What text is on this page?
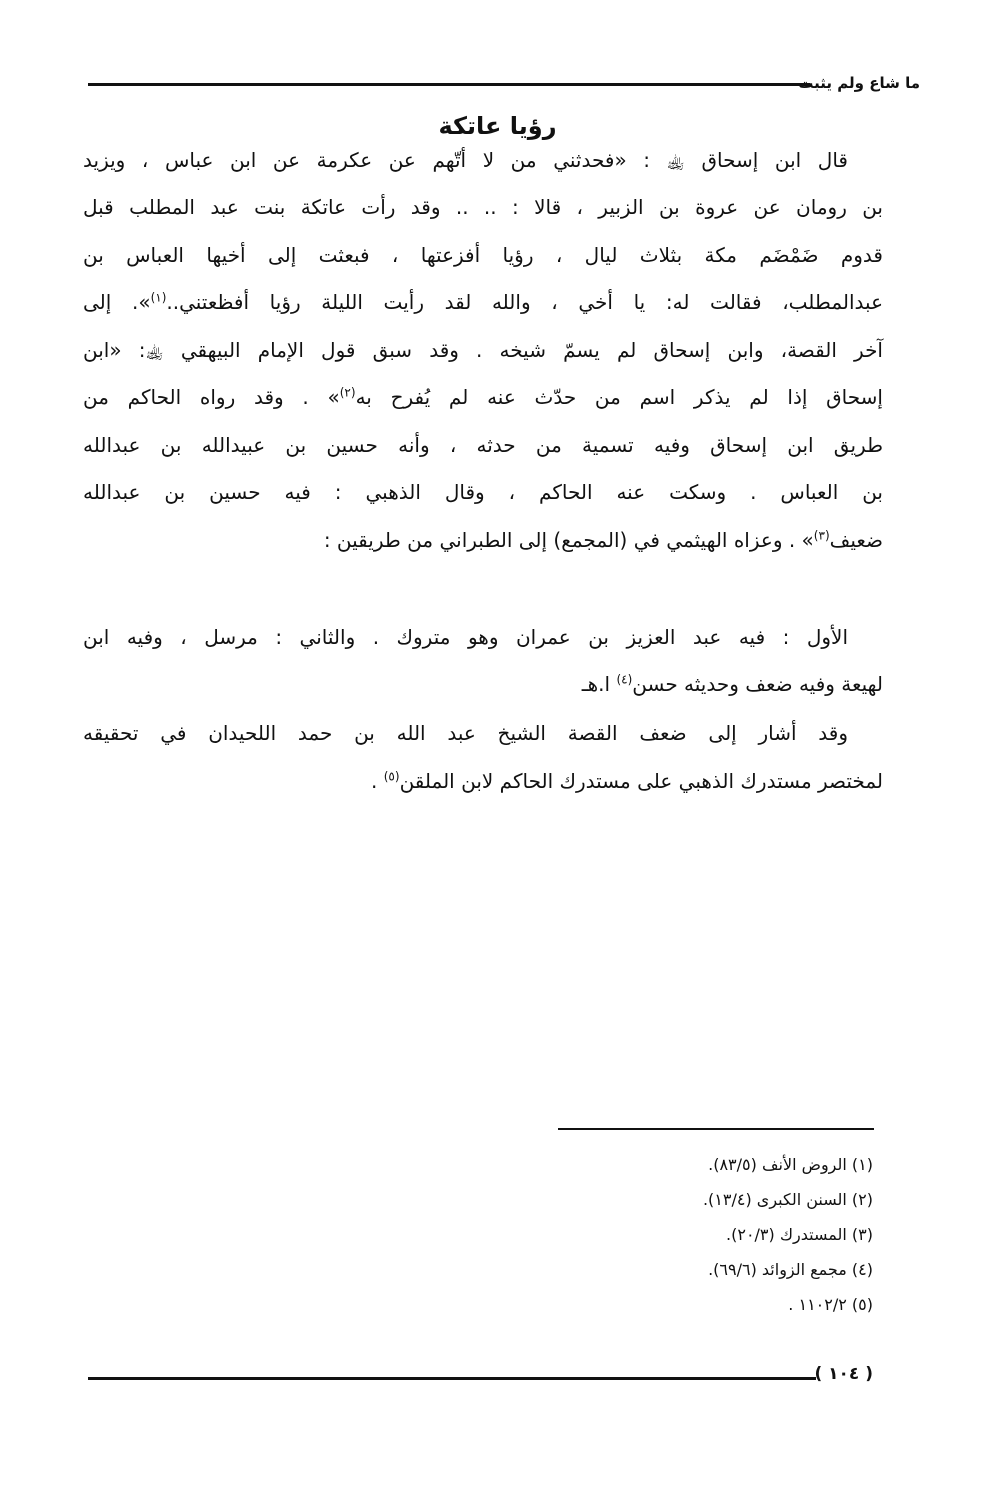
ما شاع ولم يثبت
رؤيا عاتكة
قال ابن إسحاق ﵀ : «فحدثني من لا أتّهم عن عكرمة عن ابن عباس ، ويزيد
بن رومان عن عروة بن الزبير ، قالا : .. .. وقد رأت عاتكة بنت عبد المطلب قبل
قدوم ضَمْضَم مكة بثلاث ليال ، رؤيا أفزعتها ، فبعثت إلى أخيها العباس بن
عبدالمطلب، فقالت له: يا أخي ، والله لقد رأيت الليلة رؤيا أفظعتني..$^{(١)}$». إلى
آخر القصة، وابن إسحاق لم يسمّ شيخه . وقد سبق قول الإمام البيهقي ﵀: «ابن
إسحاق إذا لم يذكر اسم من حدّث عنه لم يُفرح به$^{(٢)}$» . وقد رواه الحاكم من
طريق ابن إسحاق وفيه تسمية من حدثه ، وأنه حسين بن عبيدالله بن عبدالله
بن العباس . وسكت عنه الحاكم ، وقال الذهبي : فيه حسين بن عبدالله
ضعيف$^{(٣)}$» . وعزاه الهيثمي في (المجمع) إلى الطبراني من طريقين :
الأول : فيه عبد العزيز بن عمران وهو متروك . والثاني : مرسل ، وفيه ابن
لهيعة وفيه ضعف وحديثه حسن$^{(٤)}$ ا.هـ
وقد أشار إلى ضعف القصة الشيخ عبد الله بن حمد اللحيدان في تحقيقه
لمختصر مستدرك الذهبي على مستدرك الحاكم لابن الملقن$^{(٥)}$ .
(١) الروض الأنف (٨٣/٥).
(٢) السنن الكبرى (١٣/٤).
(٣) المستدرك (٢٠/٣).
(٤) مجمع الزوائد (٦٩/٦).
(٥) ١١٠٢/٢ .
( ١٠٤ )
